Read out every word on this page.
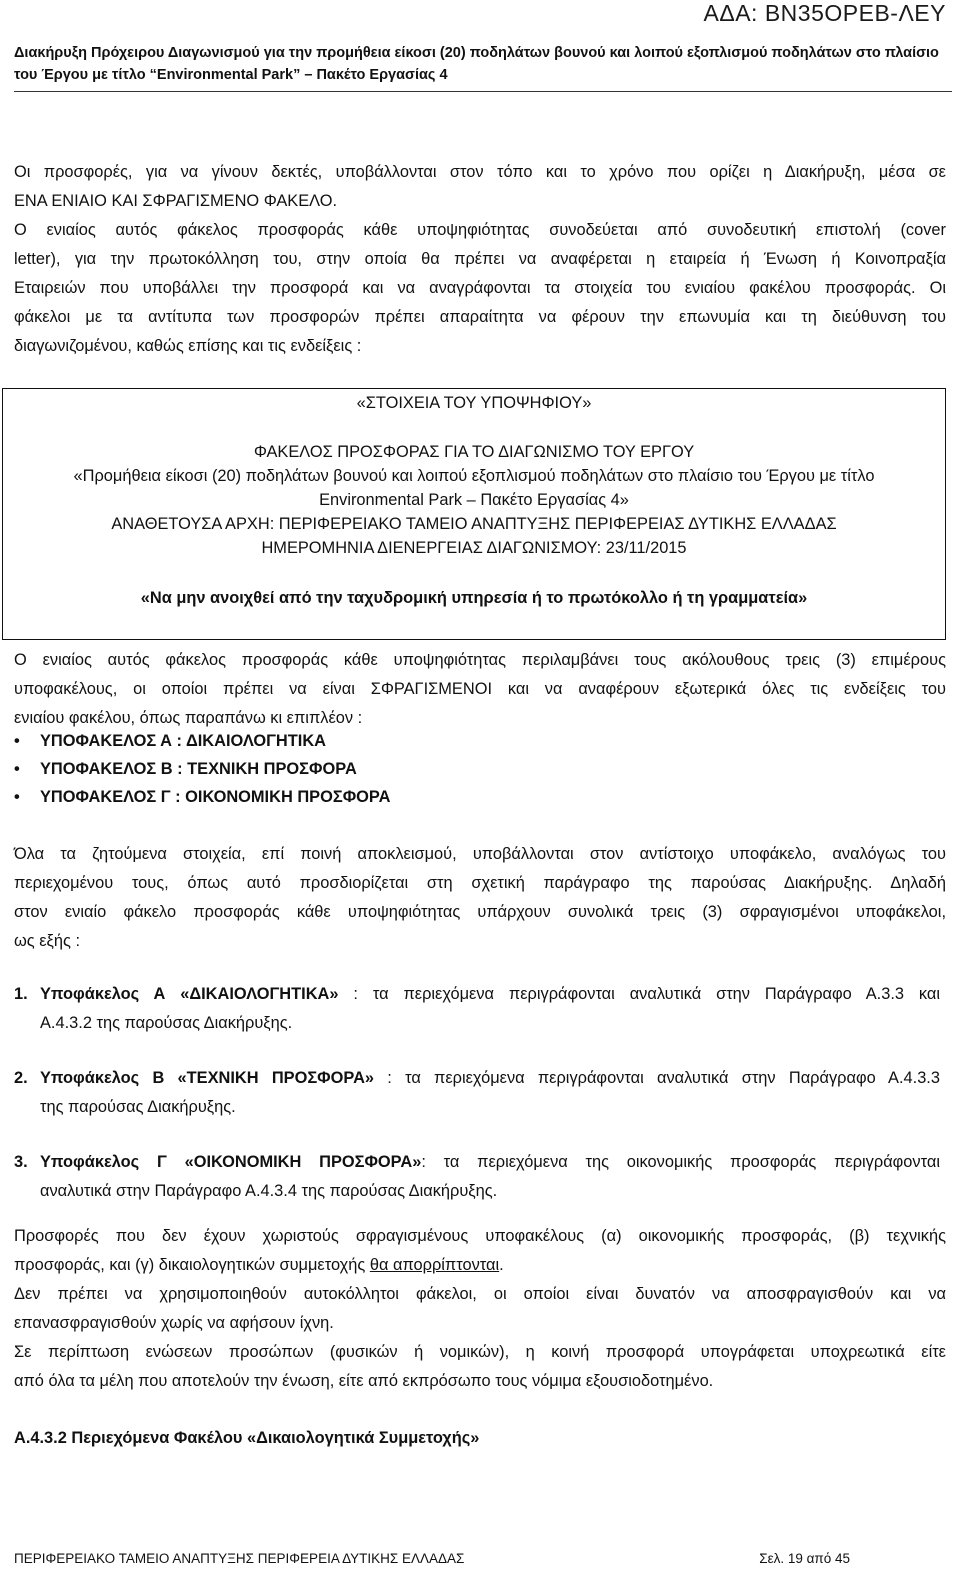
ΑΔΑ: ΒΝ35ΟΡΕΒ-ΛΕΥ
Διακήρυξη Πρόχειρου Διαγωνισμού για την προμήθεια είκοσι (20) ποδηλάτων βουνού και λοιπού εξοπλισμού ποδηλάτων στο πλαίσιο
του Έργου με τίτλο “Environmental Park” – Πακέτο Εργασίας 4
Οι προσφορές, για να γίνουν δεκτές, υποβάλλονται στον τόπο και το χρόνο που ορίζει η Διακήρυξη, μέσα σε
ΕΝΑ ΕΝΙΑΙΟ ΚΑΙ ΣΦΡΑΓΙΣΜΕΝΟ ΦΑΚΕΛΟ.
Ο ενιαίος αυτός φάκελος προσφοράς κάθε υποψηφιότητας συνοδεύεται από συνοδευτική επιστολή (cover
letter), για την πρωτοκόλληση του, στην οποία θα πρέπει να αναφέρεται η εταιρεία ή Ένωση ή Κοινοπραξία
Εταιρειών που υποβάλλει την προσφορά και να αναγράφονται τα στοιχεία του ενιαίου φακέλου προσφοράς. Οι
φάκελοι με τα αντίτυπα των προσφορών πρέπει απαραίτητα να φέρουν την επωνυμία και τη διεύθυνση του
διαγωνιζομένου, καθώς επίσης και τις ενδείξεις :
«ΣΤΟΙΧΕΙΑ ΤΟΥ ΥΠΟΨΗΦΙΟΥ»
ΦΑΚΕΛΟΣ ΠΡΟΣΦΟΡΑΣ ΓΙΑ ΤΟ ΔΙΑΓΩΝΙΣΜΟ ΤΟΥ ΕΡΓΟΥ
«Προμήθεια είκοσι (20) ποδηλάτων βουνού και λοιπού εξοπλισμού ποδηλάτων στο πλαίσιο του Έργου με τίτλο
Environmental Park – Πακέτο Εργασίας 4»
ΑΝΑΘΕΤΟΥΣΑ ΑΡΧΗ: ΠΕΡΙΦΕΡΕΙΑΚΟ ΤΑΜΕΙΟ ΑΝΑΠΤΥΞΗΣ ΠΕΡΙΦΕΡΕΙΑΣ ΔΥΤΙΚΗΣ ΕΛΛΑΔΑΣ
ΗΜΕΡΟΜΗΝΙΑ ΔΙΕΝΕΡΓΕΙΑΣ ΔΙΑΓΩΝΙΣΜΟΥ: 23/11/2015
«Να μην ανοιχθεί από την ταχυδρομική υπηρεσία ή το πρωτόκολλο ή τη γραμματεία»
Ο ενιαίος αυτός φάκελος προσφοράς κάθε υποψηφιότητας περιλαμβάνει τους ακόλουθους τρεις (3) επιμέρους
υποφακέλους, οι οποίοι πρέπει να είναι ΣΦΡΑΓΙΣΜΕΝΟΙ και να αναφέρουν εξωτερικά όλες τις ενδείξεις του
ενιαίου φακέλου, όπως παραπάνω κι επιπλέον :
• ΥΠΟΦΑΚΕΛΟΣ Α : ΔΙΚΑΙΟΛΟΓΗΤΙΚΑ
• ΥΠΟΦΑΚΕΛΟΣ Β : ΤΕΧΝΙΚΗ ΠΡΟΣΦΟΡΑ
• ΥΠΟΦΑΚΕΛΟΣ Γ : ΟΙΚΟΝΟΜΙΚΗ ΠΡΟΣΦΟΡΑ
Όλα τα ζητούμενα στοιχεία, επί ποινή αποκλεισμού, υποβάλλονται στον αντίστοιχο υποφάκελο, αναλόγως του
περιεχομένου τους, όπως αυτό προσδιορίζεται στη σχετική παράγραφο της παρούσας Διακήρυξης. Δηλαδή
στον ενιαίο φάκελο προσφοράς κάθε υποψηφιότητας υπάρχουν συνολικά τρεις (3) σφραγισμένοι υποφάκελοι,
ως εξής :
1. Υποφάκελος Α «ΔΙΚΑΙΟΛΟΓΗΤΙΚΑ» : τα περιεχόμενα περιγράφονται αναλυτικά στην Παράγραφο Α.3.3 και
Α.4.3.2 της παρούσας Διακήρυξης.
2. Υποφάκελος Β «ΤΕΧΝΙΚΗ ΠΡΟΣΦΟΡΑ» : τα περιεχόμενα περιγράφονται αναλυτικά στην Παράγραφο Α.4.3.3
της παρούσας Διακήρυξης.
3. Υποφάκελος Γ «ΟΙΚΟΝΟΜΙΚΗ ΠΡΟΣΦΟΡΑ»: τα περιεχόμενα της οικονομικής προσφοράς περιγράφονται
αναλυτικά στην Παράγραφο Α.4.3.4 της παρούσας Διακήρυξης.
Προσφορές που δεν έχουν χωριστούς σφραγισμένους υποφακέλους (α) οικονομικής προσφοράς, (β) τεχνικής
προσφοράς, και (γ) δικαιολογητικών συμμετοχής θα απορρίπτονται.
Δεν πρέπει να χρησιμοποιηθούν αυτοκόλλητοι φάκελοι, οι οποίοι είναι δυνατόν να αποσφραγισθούν και να
επανασφραγισθούν χωρίς να αφήσουν ίχνη.
Σε περίπτωση ενώσεων προσώπων (φυσικών ή νομικών), η κοινή προσφορά υπογράφεται υποχρεωτικά είτε
από όλα τα μέλη που αποτελούν την ένωση, είτε από εκπρόσωπο τους νόμιμα εξουσιοδοτημένο.
Α.4.3.2 Περιεχόμενα Φακέλου «Δικαιολογητικά Συμμετοχής»
ΠΕΡΙΦΕΡΕΙΑΚΟ ΤΑΜΕΙΟ ΑΝΑΠΤΥΞΗΣ ΠΕΡΙΦΕΡΕΙΑ ΔΥΤΙΚΗΣ ΕΛΛΑΔΑΣ	Σελ. 19 από 45
